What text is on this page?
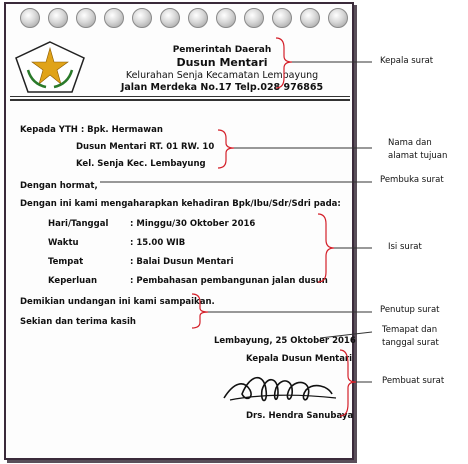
Pemerintah Daerah
Dusun Mentari
Kelurahan Senja Kecamatan Lembayung
Jalan Merdeka No.17 Telp.028 976865
Kepada YTH : Bpk. Hermawan
Dusun Mentari RT. 01 RW. 10
Kel. Senja Kec. Lembayung
Dengan hormat,
Dengan ini kami mengaharapkan kehadiran Bpk/Ibu/Sdr/Sdri pada:
Hari/Tanggal	: Minggu/30 Oktober 2016
Waktu	: 15.00 WIB
Tempat	: Balai Dusun Mentari
Keperluan	: Pembahasan pembangunan jalan dusun
Demikian undangan ini kami sampaikan.
Sekian dan terima kasih
Lembayung, 25 Oktober 2016
Kepala Dusun Mentari
Drs. Hendra Sanubaya
Kepala surat
Nama dan
alamat tujuan
Pembuka surat
Isi surat
Penutup surat
Temapat dan
tanggal surat
Pembuat surat
